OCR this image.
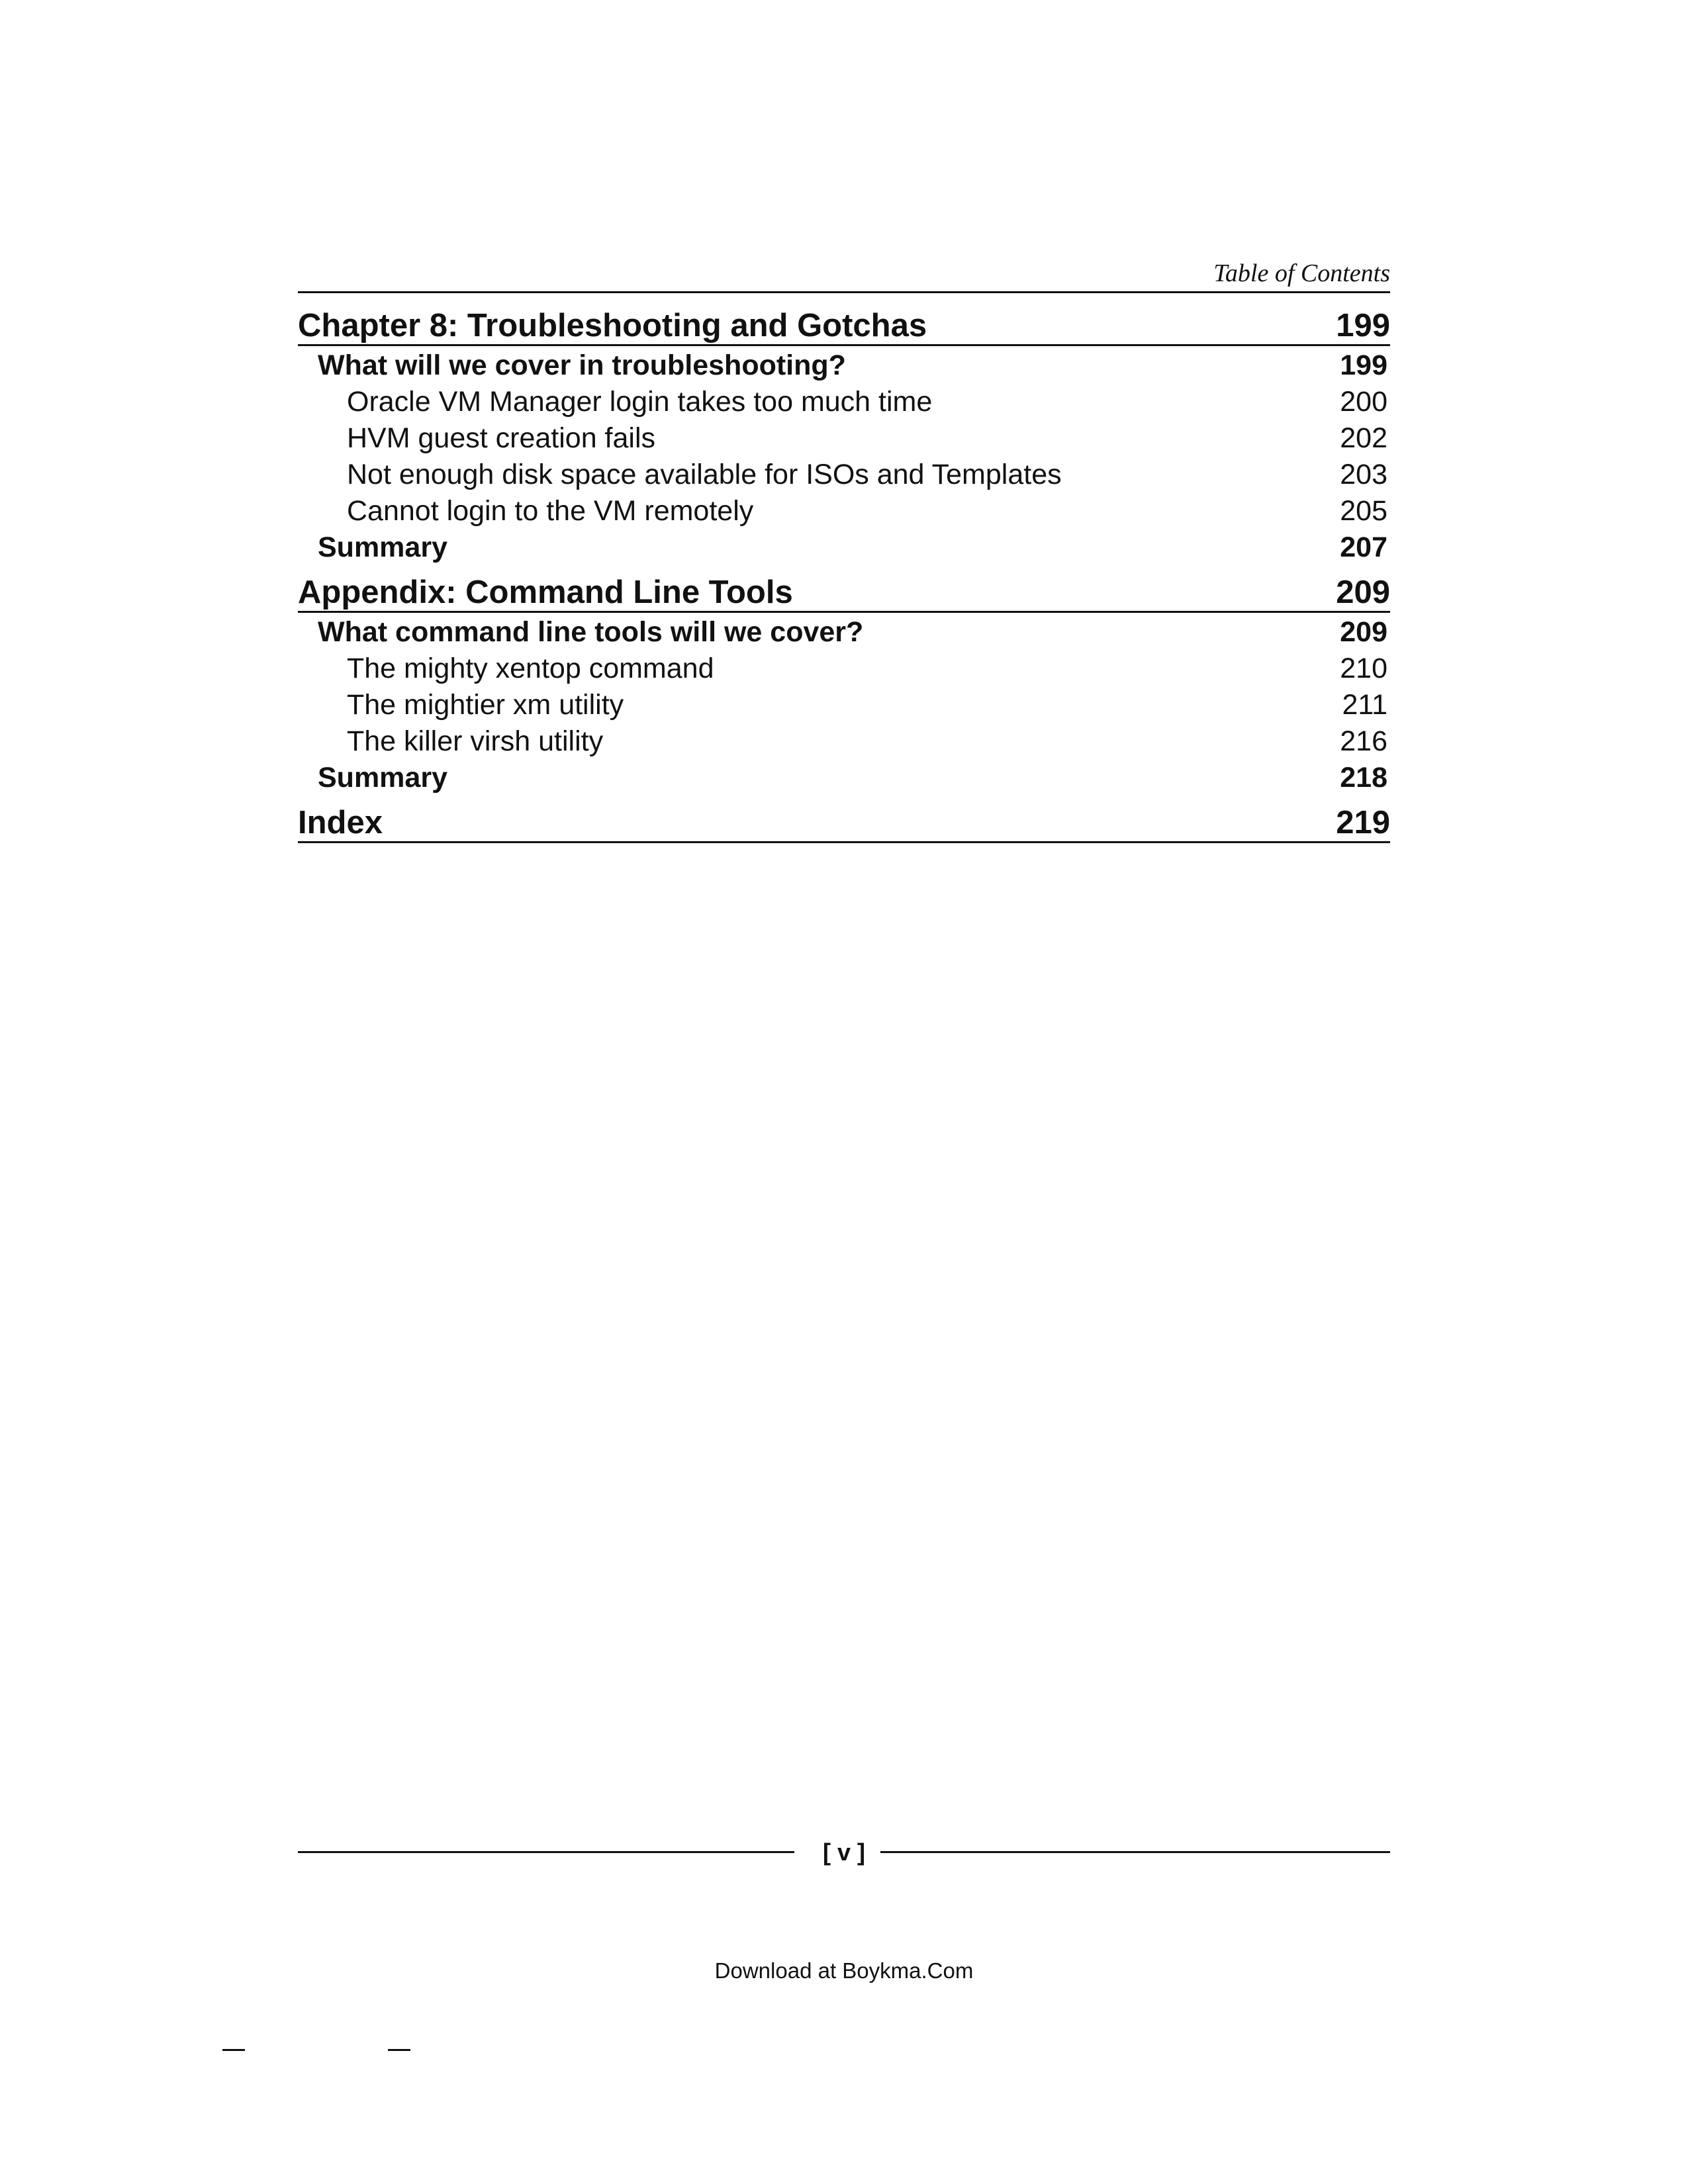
Table of Contents
Chapter 8: Troubleshooting and Gotchas	199
What will we cover in troubleshooting?	199
Oracle VM Manager login takes too much time	200
HVM guest creation fails	202
Not enough disk space available for ISOs and Templates	203
Cannot login to the VM remotely	205
Summary	207
Appendix: Command Line Tools	209
What command line tools will we cover?	209
The mighty xentop command	210
The mightier xm utility	211
The killer virsh utility	216
Summary	218
Index	219
[ v ]
Download at Boykma.Com
